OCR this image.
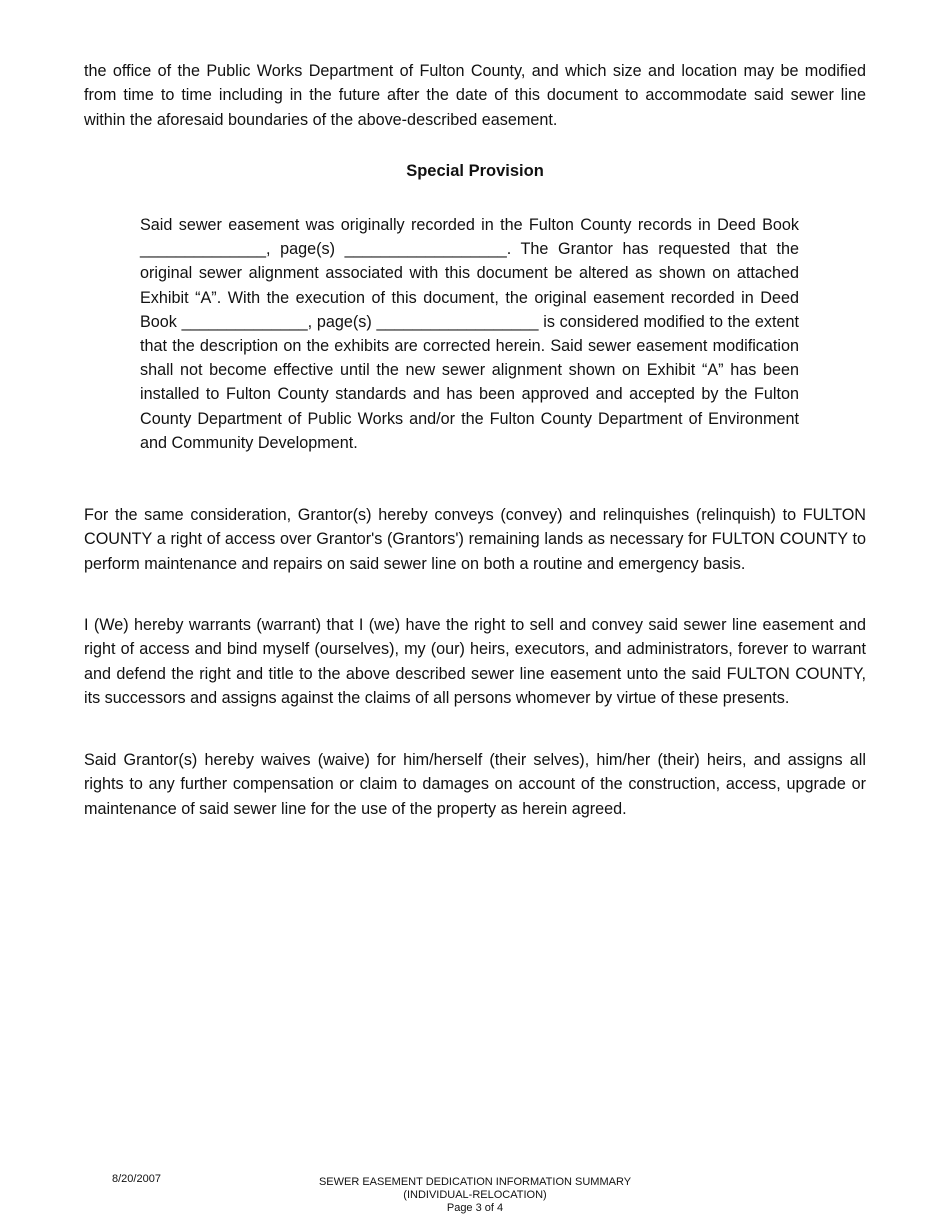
the office of the Public Works Department of Fulton County, and which size and location may be modified from time to time including in the future after the date of this document to accommodate said sewer line within the aforesaid boundaries of the above-described easement.

Special Provision

Said sewer easement was originally recorded in the Fulton County records in Deed Book ______________, page(s) __________________. The Grantor has requested that the original sewer alignment associated with this document be altered as shown on attached Exhibit “A”. With the execution of this document, the original easement recorded in Deed Book ______________, page(s) __________________ is considered modified to the extent that the description on the exhibits are corrected herein. Said sewer easement modification shall not become effective until the new sewer alignment shown on Exhibit “A” has been installed to Fulton County standards and has been approved and accepted by the Fulton County Department of Public Works and/or the Fulton County Department of Environment and Community Development.

For the same consideration, Grantor(s) hereby conveys (convey) and relinquishes (relinquish) to FULTON COUNTY a right of access over Grantor's (Grantors') remaining lands as necessary for FULTON COUNTY to perform maintenance and repairs on said sewer line on both a routine and emergency basis.

I (We) hereby warrants (warrant) that I (we) have the right to sell and convey said sewer line easement and right of access and bind myself (ourselves), my (our) heirs, executors, and administrators, forever to warrant and defend the right and title to the above described sewer line easement unto the said FULTON COUNTY, its successors and assigns against the claims of all persons whomever by virtue of these presents.

Said Grantor(s) hereby waives (waive) for him/herself (their selves), him/her (their) heirs, and assigns all rights to any further compensation or claim to damages on account of the construction, access, upgrade or maintenance of said sewer line for the use of the property as herein agreed.

8/20/2007	SEWER EASEMENT DEDICATION INFORMATION SUMMARY
(INDIVIDUAL-RELOCATION)
Page 3 of 4
